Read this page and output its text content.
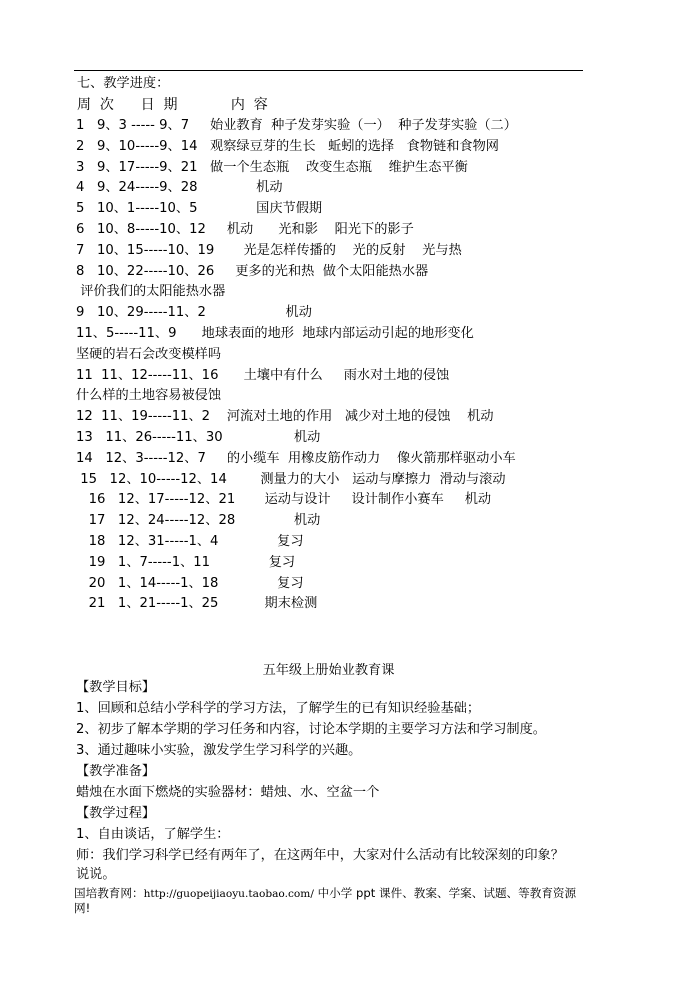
七、教学进度：
周  次      日  期            内  容
1   9、3 ----- 9、7     始业教育  种子发芽实验（一）  种子发芽实验（二）
2   9、10-----9、14   观察绿豆芽的生长   蚯蚓的选择   食物链和食物网
3   9、17-----9、21   做一个生态瓶    改变生态瓶    维护生态平衡
4   9、24-----9、28              机动
5   10、1-----10、5              国庆节假期
6   10、8-----10、12     机动      光和影    阳光下的影子
7   10、15-----10、19       光是怎样传播的    光的反射    光与热
8   10、22-----10、26     更多的光和热  做个太阳能热水器
评价我们的太阳能热水器
9   10、29-----11、2                   机动
11、5-----11、9      地球表面的地形  地球内部运动引起的地形变化
坚硬的岩石会改变模样吗
11  11、12-----11、16      土壤中有什么     雨水对土地的侵蚀
什么样的土地容易被侵蚀
12  11、19-----11、2    河流对土地的作用   减少对土地的侵蚀    机动
13   11、26-----11、30                 机动
14   12、3-----12、7     的小缆车  用橡皮筋作动力    像火箭那样驱动小车
15   12、10-----12、14        测量力的大小   运动与摩擦力  滑动与滚动
16   12、17-----12、21       运动与设计     设计制作小赛车     机动
17   12、24-----12、28              机动
18   12、31-----1、4              复习
19   1、7-----1、11              复习
20   1、14-----1、18              复习
21   1、21-----1、25           期末检测
五年级上册始业教育课
【教学目标】
1、回顾和总结小学科学的学习方法，了解学生的已有知识经验基础；
2、初步了解本学期的学习任务和内容，讨论本学期的主要学习方法和学习制度。
3、通过趣味小实验，激发学生学习科学的兴趣。
【教学准备】
蜡烛在水面下燃烧的实验器材：蜡烛、水、空盆一个
【教学过程】
1、自由谈话，了解学生：
师：我们学习科学已经有两年了，在这两年中，大家对什么活动有比较深刻的印象？
说说。
国培教育网：http://guopeijiaoyu.taobao.com/ 中小学 ppt 课件、教案、学案、试题、等教育资源
网!
